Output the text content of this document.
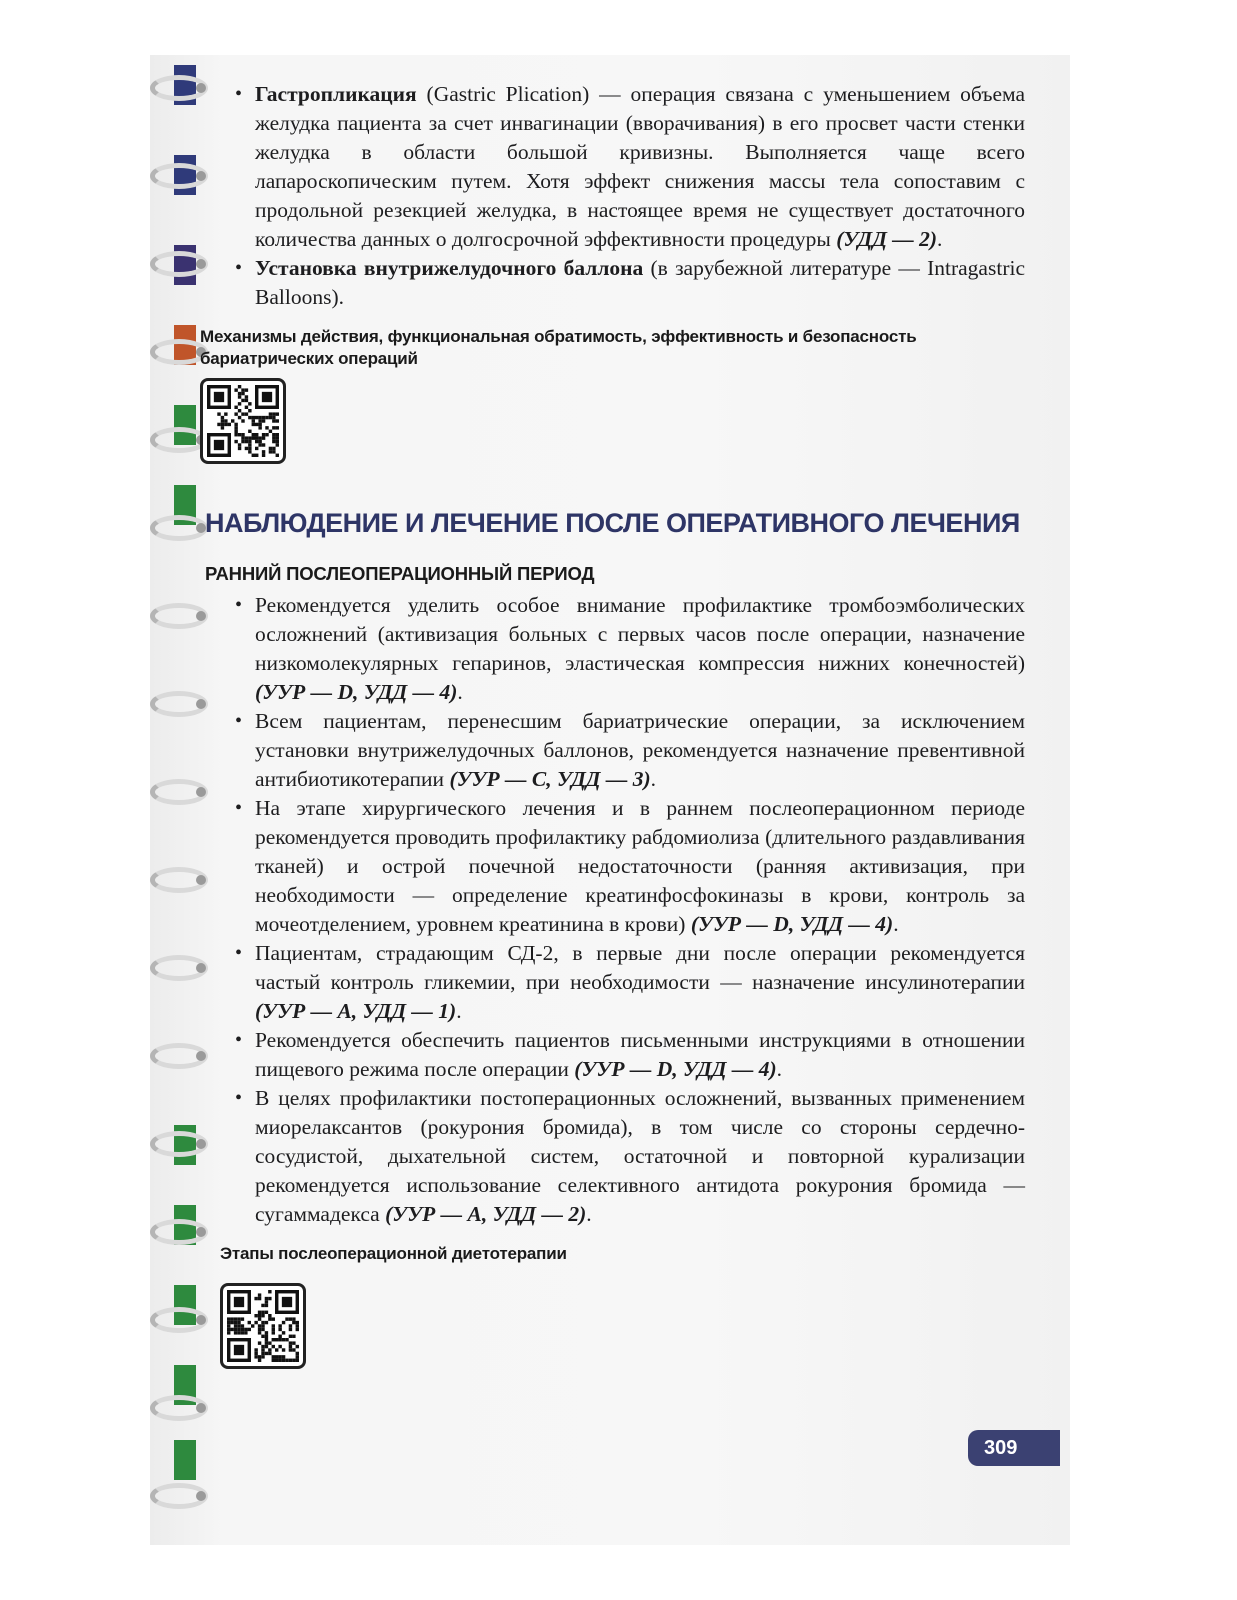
• Гастропликация (Gastric Plication) — операция связана с уменьшением объема желудка пациента за счет инвагинации (вворачивания) в его просвет части стенки желудка в области большой кривизны. Выполняется чаще всего лапароскопическим путем. Хотя эффект снижения массы тела сопоставим с продольной резекцией желудка, в настоящее время не существует достаточного количества данных о долгосрочной эффективности процедуры (УДД — 2).

• Установка внутрижелудочного баллона (в зарубежной литературе — Intragastric Balloons).

Механизмы действия, функциональная обратимость, эффективность и безопасность бариатрических операций
НАБЛЮДЕНИЕ И ЛЕЧЕНИЕ ПОСЛЕ ОПЕРАТИВНОГО ЛЕЧЕНИЯ
РАННИЙ ПОСЛЕОПЕРАЦИОННЫЙ ПЕРИОД

• Рекомендуется уделить особое внимание профилактике тромбоэмболических осложнений (активизация больных с первых часов после операции, назначение низкомолекулярных гепаринов, эластическая компрессия нижних конечностей) (УУР — D, УДД — 4).

• Всем пациентам, перенесшим бариатрические операции, за исключением установки внутрижелудочных баллонов, рекомендуется назначение превентивной антибиотикотерапии (УУР — С, УДД — 3).

• На этапе хирургического лечения и в раннем послеоперационном периоде рекомендуется проводить профилактику рабдомиолиза (длительного раздавливания тканей) и острой почечной недостаточности (ранняя активизация, при необходимости — определение креатинфосфокиназы в крови, контроль за мочеотделением, уровнем креатинина в крови) (УУР — D, УДД — 4).

• Пациентам, страдающим СД-2, в первые дни после операции рекомендуется частый контроль гликемии, при необходимости — назначение инсулинотерапии (УУР — А, УДД — 1).

• Рекомендуется обеспечить пациентов письменными инструкциями в отношении пищевого режима после операции (УУР — D, УДД — 4).

• В целях профилактики постоперационных осложнений, вызванных применением миорелаксантов (рокурония бромида), в том числе со стороны сердечно-сосудистой, дыхательной систем, остаточной и повторной курализации рекомендуется использование селективного антидота рокурония бромида — сугаммадекса (УУР — А, УДД — 2).

Этапы послеоперационной диетотерапии
309
